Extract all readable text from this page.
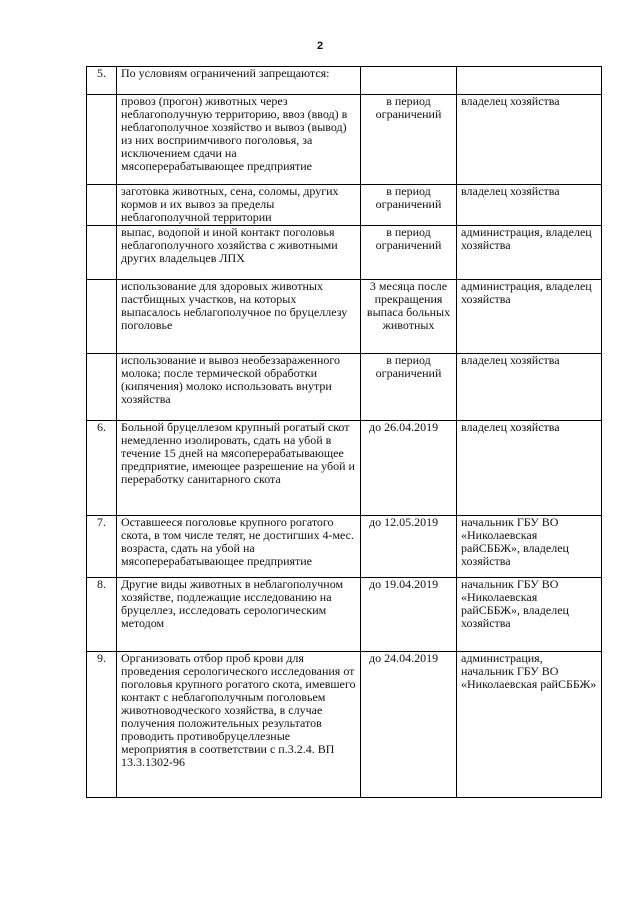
2
5.	По условиям ограничений запрещаются:		
	провоз (прогон) животных через неблагополучную территорию, ввоз (ввод) в неблагополучное хозяйство и вывоз (вывод) из них восприимчивого поголовья, за исключением сдачи на мясоперерабатывающее предприятие	в период ограничений	владелец хозяйства
	заготовка животных, сена, соломы, других кормов и их вывоз за пределы неблагополучной территории	в период ограничений	владелец хозяйства
	выпас, водопой и иной контакт поголовья неблагополучного хозяйства с животными других владельцев ЛПХ	в период ограничений	администрация, владелец хозяйства
	использование для здоровых животных пастбищных участков, на которых выпасалось неблагополучное по бруцеллезу поголовье	3 месяца после прекращения выпаса больных животных	администрация, владелец хозяйства
	использование и вывоз необеззараженного молока; после термической обработки (кипячения) молоко использовать внутри хозяйства	в период ограничений	владелец хозяйства
6.	Больной бруцеллезом крупный рогатый скот немедленно изолировать, сдать на убой в течение 15 дней на мясоперерабатывающее предприятие, имеющее разрешение на убой и переработку санитарного скота	до 26.04.2019	владелец хозяйства
7.	Оставшееся поголовье крупного рогатого скота, в том числе телят, не достигших 4-мес. возраста, сдать на убой на мясоперерабатывающее предприятие	до 12.05.2019	начальник ГБУ ВО «Николаевская райСББЖ», владелец хозяйства
8.	Другие виды животных в неблагополучном хозяйстве, подлежащие исследованию на бруцеллез, исследовать серологическим методом	до 19.04.2019	начальник ГБУ ВО «Николаевская райСББЖ», владелец хозяйства
9.	Организовать отбор проб крови для проведения серологического исследования от поголовья крупного рогатого скота, имевшего контакт с неблагополучным поголовьем животноводческого хозяйства, в случае получения положительных результатов проводить противобруцеллезные мероприятия в соответствии с п.3.2.4. ВП 13.3.1302-96	до 24.04.2019	администрация, начальник ГБУ ВО «Николаевская райСББЖ»
